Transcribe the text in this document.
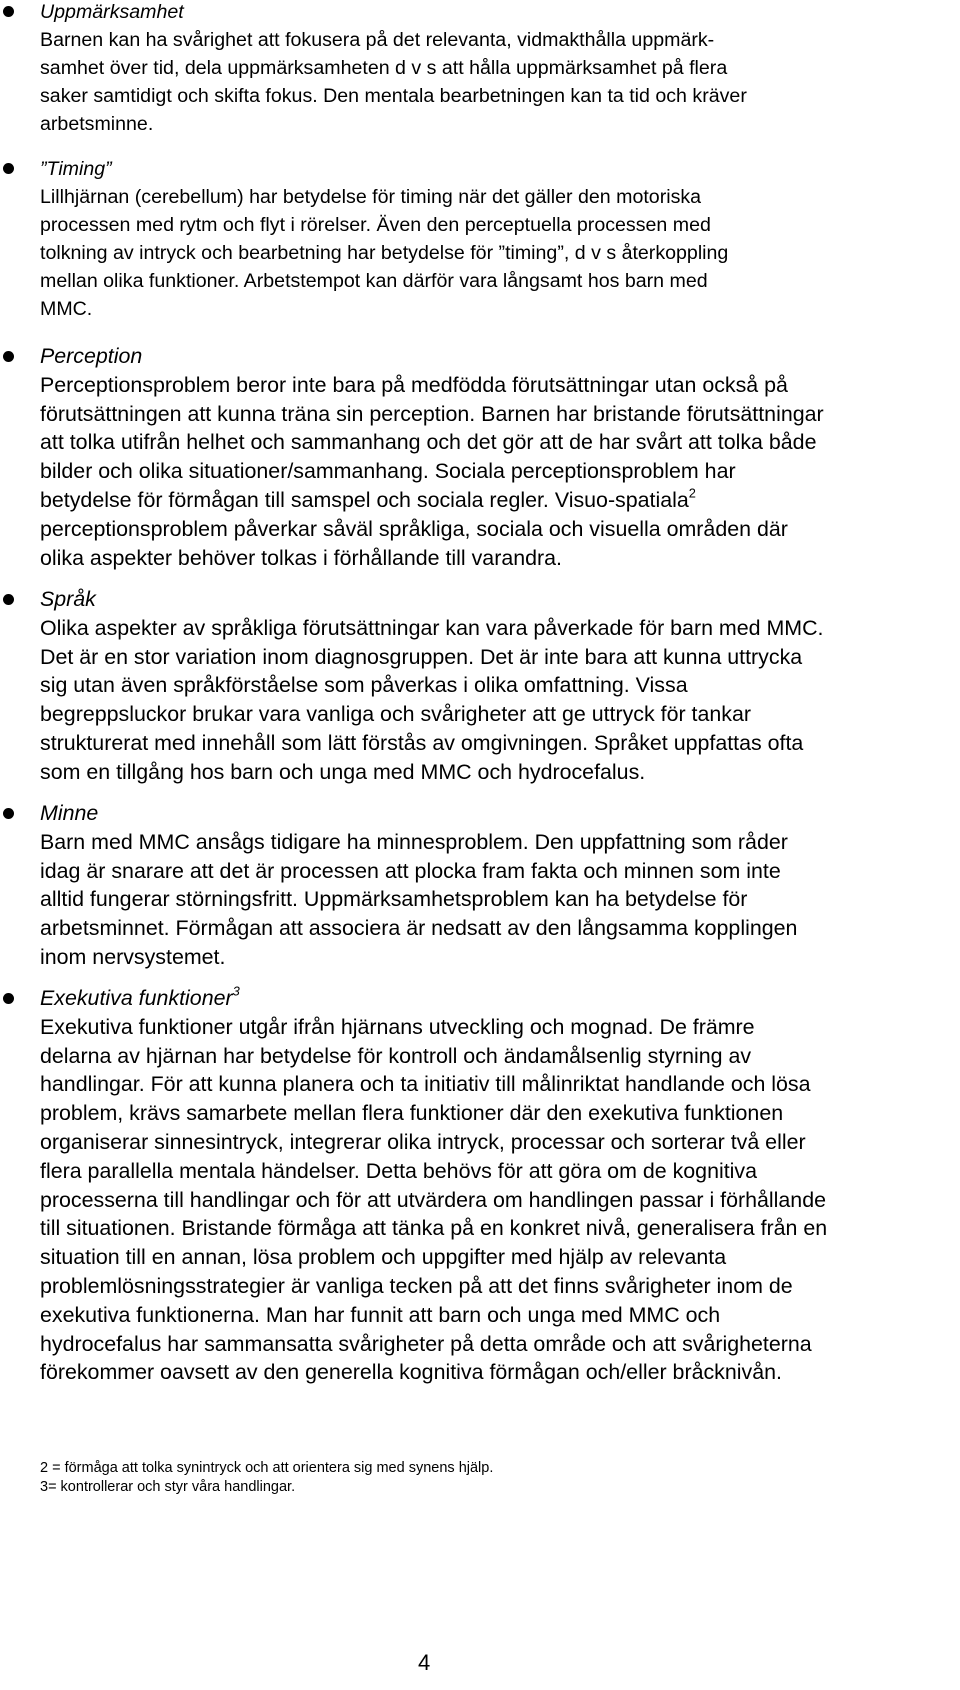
Uppmärksamhet
Barnen kan ha svårighet att fokusera på det relevanta, vidmakthålla uppmärk-
samhet över tid, dela uppmärksamheten d v s att hålla uppmärksamhet på flera
saker samtidigt och skifta fokus. Den mentala bearbetningen kan ta tid och kräver
arbetsminne.
”Timing”
Lillhjärnan (cerebellum) har betydelse för timing när det gäller den motoriska
processen med rytm och flyt i rörelser. Även den perceptuella processen med
tolkning av intryck och bearbetning har betydelse för ”timing”, d v s återkoppling
mellan olika funktioner. Arbetstempot kan därför vara långsamt hos barn med
MMC.
Perception
Perceptionsproblem beror inte bara på medfödda förutsättningar utan också på
förutsättningen att kunna träna sin perception. Barnen har bristande förutsättningar
att tolka utifrån helhet och sammanhang och det gör att de har svårt att tolka både
bilder och olika situationer/sammanhang. Sociala perceptionsproblem har
betydelse för förmågan till samspel och sociala regler. Visuo-spatiala$^2$
perceptionsproblem påverkar såväl språkliga, sociala och visuella områden där
olika aspekter behöver tolkas i förhållande till varandra.
Språk
Olika aspekter av språkliga förutsättningar kan vara påverkade för barn med MMC.
Det är en stor variation inom diagnosgruppen. Det är inte bara att kunna uttrycka
sig utan även språkförståelse som påverkas i olika omfattning. Vissa
begreppsluckor brukar vara vanliga och svårigheter att ge uttryck för tankar
strukturerat med innehåll som lätt förstås av omgivningen. Språket uppfattas ofta
som en tillgång hos barn och unga med MMC och hydrocefalus.
Minne
Barn med MMC ansågs tidigare ha minnesproblem. Den uppfattning som råder
idag är snarare att det är processen att plocka fram fakta och minnen som inte
alltid fungerar störningsfritt. Uppmärksamhetsproblem kan ha betydelse för
arbetsminnet. Förmågan att associera är nedsatt av den långsamma kopplingen
inom nervsystemet.
Exekutiva funktioner$^3$
Exekutiva funktioner utgår ifrån hjärnans utveckling och mognad. De främre
delarna av hjärnan har betydelse för kontroll och ändamålsenlig styrning av
handlingar. För att kunna planera och ta initiativ till målinriktat handlande och lösa
problem, krävs samarbete mellan flera funktioner där den exekutiva funktionen
organiserar sinnesintryck, integrerar olika intryck, processar och sorterar två eller
flera parallella mentala händelser. Detta behövs för att göra om de kognitiva
processerna till handlingar och för att utvärdera om handlingen passar i förhållande
till situationen. Bristande förmåga att tänka på en konkret nivå, generalisera från en
situation till en annan, lösa problem och uppgifter med hjälp av relevanta
problemlösningsstrategier är vanliga tecken på att det finns svårigheter inom de
exekutiva funktionerna. Man har funnit att barn och unga med MMC och
hydrocefalus har sammansatta svårigheter på detta område och att svårigheterna
förekommer oavsett av den generella kognitiva förmågan och/eller bråcknivån.
2 = förmåga att tolka synintryck och att orientera sig med synens hjälp.
3= kontrollerar och styr våra handlingar.
4
